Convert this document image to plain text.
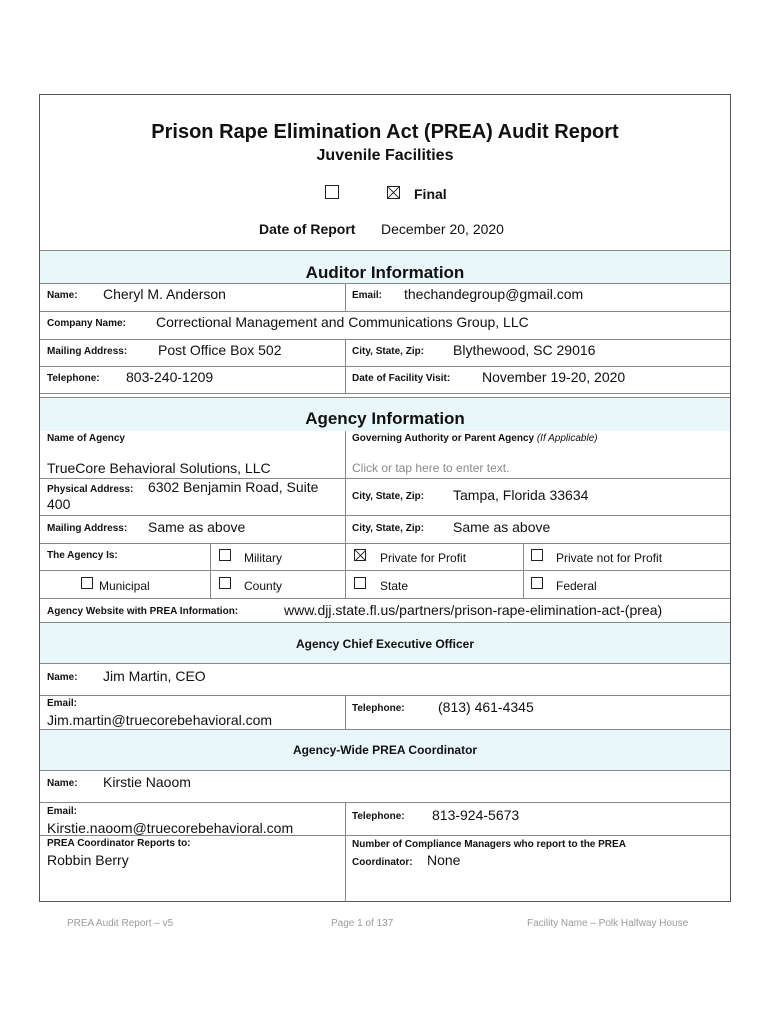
Prison Rape Elimination Act (PREA) Audit Report
Juvenile Facilities
Final
Date of Report December 20, 2020
Auditor Information
Name: Cheryl M. Anderson	Email: thechandegroup@gmail.com
Company Name: Correctional Management and Communications Group, LLC
Mailing Address: Post Office Box 502	City, State, Zip: Blythewood, SC 29016
Telephone: 803-240-1209	Date of Facility Visit: November 19-20, 2020
Agency Information
Name of Agency	Governing Authority or Parent Agency (If Applicable)
TrueCore Behavioral Solutions, LLC	Click or tap here to enter text.
Physical Address: 6302 Benjamin Road, Suite
400	City, State, Zip: Tampa, Florida 33634
Mailing Address: Same as above	City, State, Zip: Same as above
The Agency Is:	Military	Private for Profit	Private not for Profit
Municipal	County	State	Federal
Agency Website with PREA Information:	www.djj.state.fl.us/partners/prison-rape-elimination-act-(prea)
Agency Chief Executive Officer
Name: Jim Martin, CEO
Email:
Jim.martin@truecorebehavioral.com
Telephone: (813) 461-4345
Agency-Wide PREA Coordinator
Name: Kirstie Naoom
Email:
Kirstie.naoom@truecorebehavioral.com
Telephone: 813-924-5673
PREA Coordinator Reports to:
Robbin Berry
Number of Compliance Managers who report to the PREA
Coordinator: None
PREA Audit Report – v5	Page 1 of 137	Facility Name – Polk Halfway House
